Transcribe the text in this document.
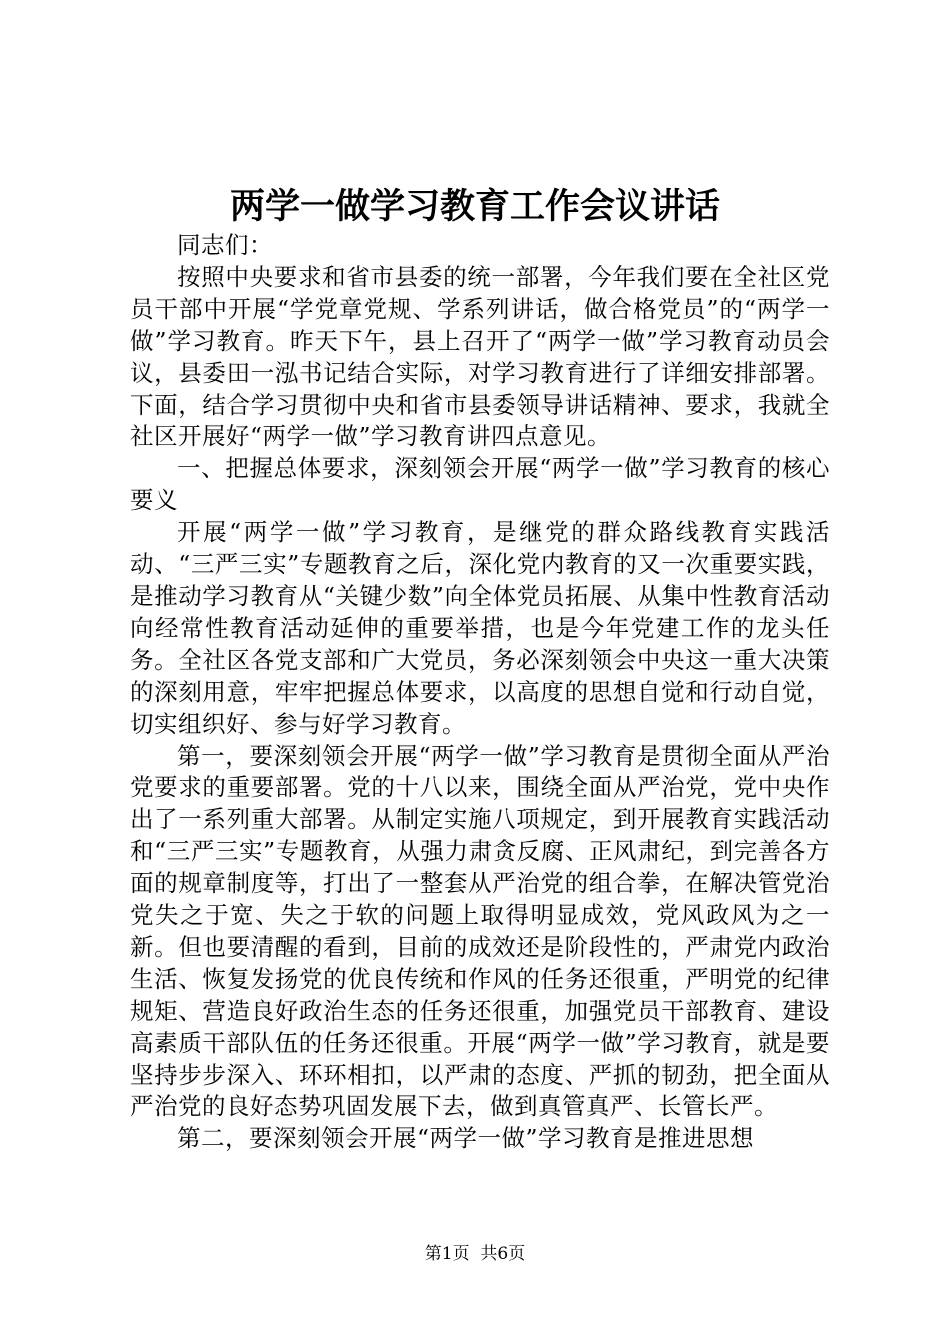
两学一做学习教育工作会议讲话

同志们：

按照中央要求和省市县委的统一部署，今年我们要在全社区党员干部中开展“学党章党规、学系列讲话，做合格党员”的“两学一做”学习教育。昨天下午，县上召开了“两学一做”学习教育动员会议，县委田一泓书记结合实际，对学习教育进行了详细安排部署。下面，结合学习贯彻中央和省市县委领导讲话精神、要求，我就全社区开展好“两学一做”学习教育讲四点意见。

一、把握总体要求，深刻领会开展“两学一做”学习教育的核心要义

开展“两学一做”学习教育，是继党的群众路线教育实践活动、“三严三实”专题教育之后，深化党内教育的又一次重要实践，是推动学习教育从“关键少数”向全体党员拓展、从集中性教育活动向经常性教育活动延伸的重要举措，也是今年党建工作的龙头任务。全社区各党支部和广大党员，务必深刻领会中央这一重大决策的深刻用意，牢牢把握总体要求，以高度的思想自觉和行动自觉，切实组织好、参与好学习教育。

第一，要深刻领会开展“两学一做”学习教育是贯彻全面从严治党要求的重要部署。党的十八以来，围绕全面从严治党，党中央作出了一系列重大部署。从制定实施八项规定，到开展教育实践活动和“三严三实”专题教育，从强力肃贪反腐、正风肃纪，到完善各方面的规章制度等，打出了一整套从严治党的组合拳，在解决管党治党失之于宽、失之于软的问题上取得明显成效，党风政风为之一新。但也要清醒的看到，目前的成效还是阶段性的，严肃党内政治生活、恢复发扬党的优良传统和作风的任务还很重，严明党的纪律规矩、营造良好政治生态的任务还很重，加强党员干部教育、建设高素质干部队伍的任务还很重。开展“两学一做”学习教育，就是要坚持步步深入、环环相扣，以严肃的态度、严抓的韧劲，把全面从严治党的良好态势巩固发展下去，做到真管真严、长管长严。

第二，要深刻领会开展“两学一做”学习教育是推进思想

第1页 共6页
